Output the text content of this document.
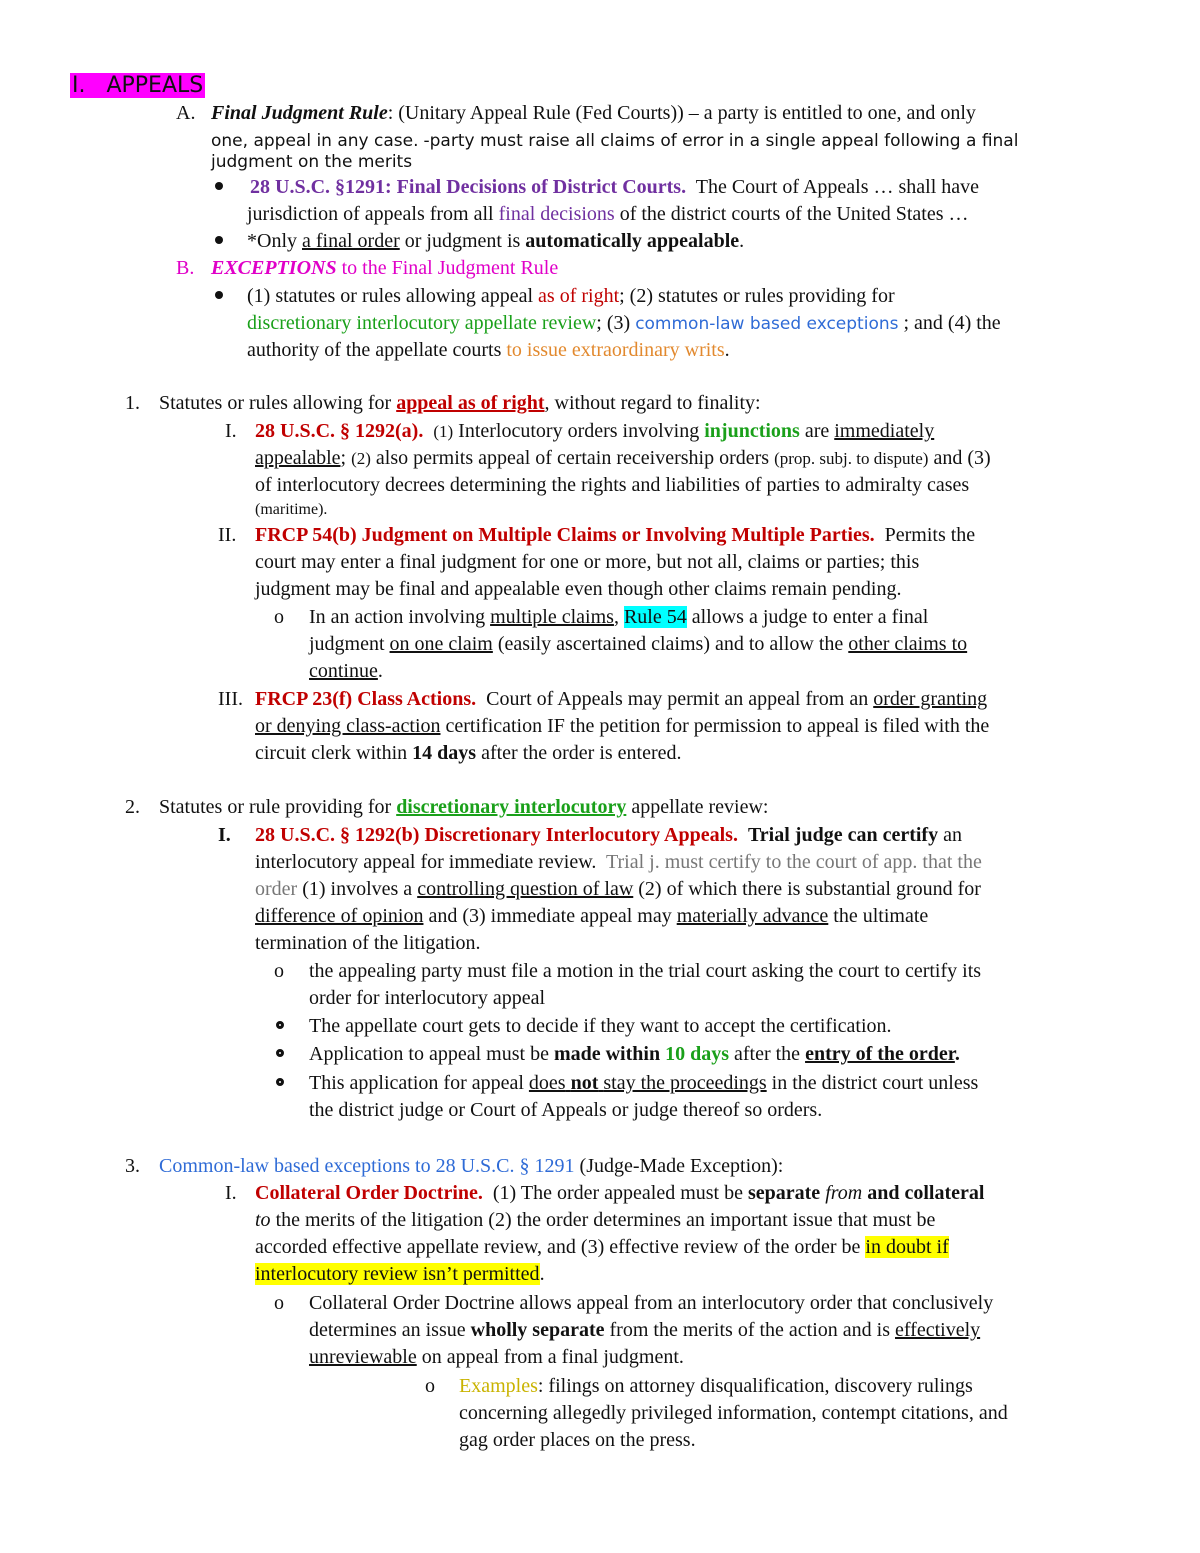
I. APPEALS
A. Final Judgment Rule: (Unitary Appeal Rule (Fed Courts)) – a party is entitled to one, and only
one, appeal in any case. -party must raise all claims of error in a single appeal following a final
judgment on the merits
28 U.S.C. §1291: Final Decisions of District Courts. The Court of Appeals … shall have
jurisdiction of appeals from all final decisions of the district courts of the United States …
*Only a final order or judgment is automatically appealable.
B. EXCEPTIONS to the Final Judgment Rule
(1) statutes or rules allowing appeal as of right; (2) statutes or rules providing for
discretionary interlocutory appellate review; (3) common-law based exceptions ; and (4) the
authority of the appellate courts to issue extraordinary writs.
1. Statutes or rules allowing for appeal as of right, without regard to finality:
I. 28 U.S.C. § 1292(a). (1) Interlocutory orders involving injunctions are immediately
appealable; (2) also permits appeal of certain receivership orders (prop. subj. to dispute) and (3)
of interlocutory decrees determining the rights and liabilities of parties to admiralty cases
(maritime).
II. FRCP 54(b) Judgment on Multiple Claims or Involving Multiple Parties. Permits the
court may enter a final judgment for one or more, but not all, claims or parties; this
judgment may be final and appealable even though other claims remain pending.
o In an action involving multiple claims, Rule 54 allows a judge to enter a final
judgment on one claim (easily ascertained claims) and to allow the other claims to
continue.
III. FRCP 23(f) Class Actions. Court of Appeals may permit an appeal from an order granting
or denying class-action certification IF the petition for permission to appeal is filed with the
circuit clerk within 14 days after the order is entered.
2. Statutes or rule providing for discretionary interlocutory appellate review:
I. 28 U.S.C. § 1292(b) Discretionary Interlocutory Appeals. Trial judge can certify an
interlocutory appeal for immediate review. Trial j. must certify to the court of app. that the
order (1) involves a controlling question of law (2) of which there is substantial ground for
difference of opinion and (3) immediate appeal may materially advance the ultimate
termination of the litigation.
o the appealing party must file a motion in the trial court asking the court to certify its
order for interlocutory appeal
The appellate court gets to decide if they want to accept the certification.
Application to appeal must be made within 10 days after the entry of the order.
This application for appeal does not stay the proceedings in the district court unless
the district judge or Court of Appeals or judge thereof so orders.
3. Common-law based exceptions to 28 U.S.C. § 1291 (Judge-Made Exception):
I. Collateral Order Doctrine. (1) The order appealed must be separate from and collateral
to the merits of the litigation (2) the order determines an important issue that must be
accorded effective appellate review, and (3) effective review of the order be in doubt if
interlocutory review isn’t permitted.
o Collateral Order Doctrine allows appeal from an interlocutory order that conclusively
determines an issue wholly separate from the merits of the action and is effectively
unreviewable on appeal from a final judgment.
o Examples: filings on attorney disqualification, discovery rulings
concerning allegedly privileged information, contempt citations, and
gag order places on the press.
